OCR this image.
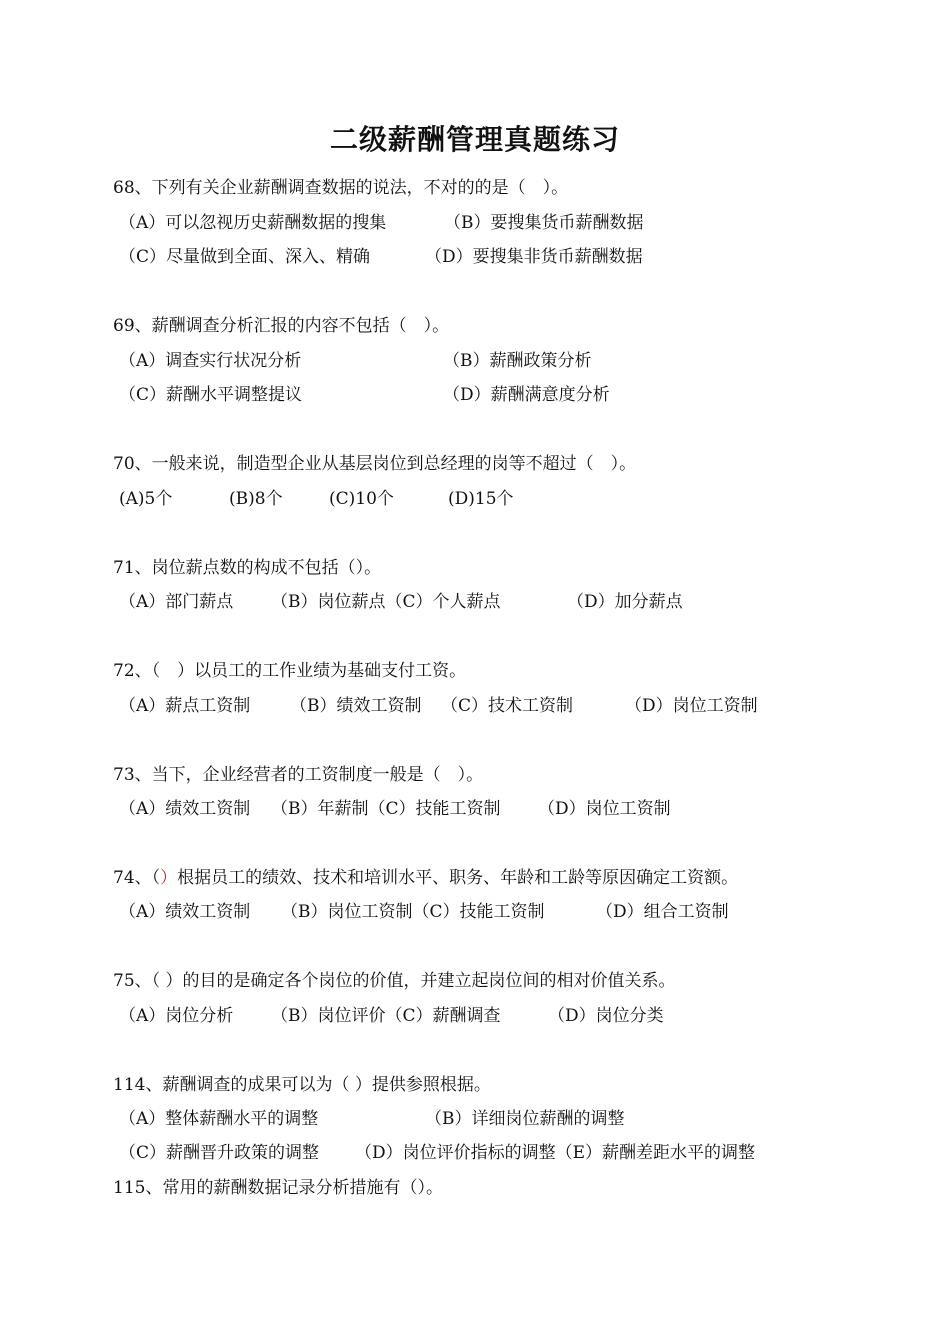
二级薪酬管理真题练习
68、下列有关企业薪酬调查数据的说法，不对的的是（　）。
（A）可以忽视历史薪酬数据的搜集	（B）要搜集货币薪酬数据
（C）尽量做到全面、深入、精确	（D）要搜集非货币薪酬数据
69、薪酬调查分析汇报的内容不包括（　）。
（A）调查实行状况分析	（B）薪酬政策分析
（C）薪酬水平调整提议	（D）薪酬满意度分析
70、一般来说，制造型企业从基层岗位到总经理的岗等不超过（　）。
(A)5个	(B)8个	(C)10个	(D)15个
71、岗位薪点数的构成不包括（）。
（A）部门薪点 （B）岗位薪点（C）个人薪点	（D）加分薪点
72、（　）以员工的工作业绩为基础支付工资。
（A）薪点工资制 （B）绩效工资制 （C）技术工资制	（D）岗位工资制
73、当下，企业经营者的工资制度一般是（　）。
（A）绩效工资制 （B）年薪制（C）技能工资制 （D）岗位工资制
74、（）根据员工的绩效、技术和培训水平、职务、年龄和工龄等原因确定工资额。
（A）绩效工资制 （B）岗位工资制（C）技能工资制	（D）组合工资制
75、（ ）的目的是确定各个岗位的价值，并建立起岗位间的相对价值关系。
（A）岗位分析 （B）岗位评价（C）薪酬调查	（D）岗位分类
114、薪酬调查的成果可以为（ ）提供参照根据。
（A）整体薪酬水平的调整	（B）详细岗位薪酬的调整
（C）薪酬晋升政策的调整 （D）岗位评价指标的调整（E）薪酬差距水平的调整
115、常用的薪酬数据记录分析措施有（）。
